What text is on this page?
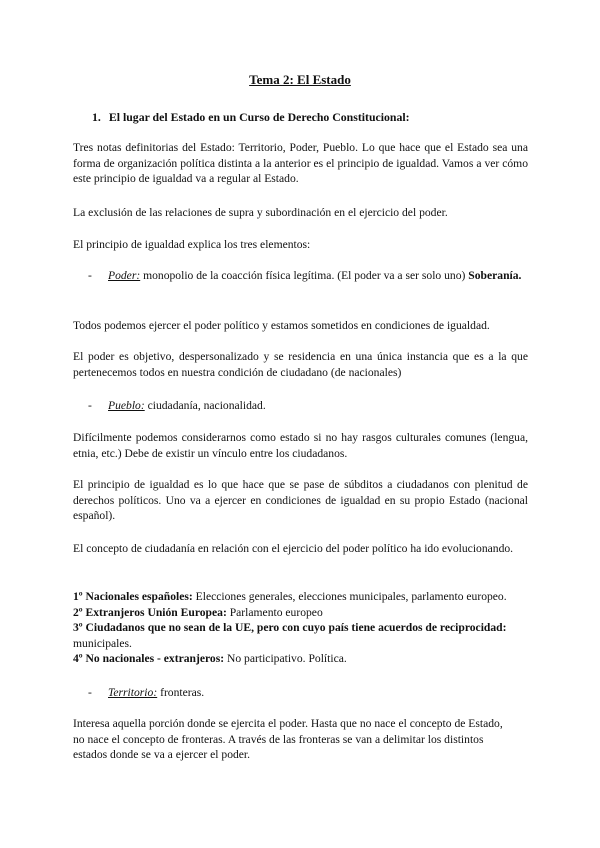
Tema 2: El Estado
1. El lugar del Estado en un Curso de Derecho Constitucional:
Tres notas definitorias del Estado: Territorio, Poder, Pueblo. Lo que hace que el Estado sea una forma de organización política distinta a la anterior es el principio de igualdad. Vamos a ver cómo este principio de igualdad va a regular al Estado.
La exclusión de las relaciones de supra y subordinación en el ejercicio del poder.
El principio de igualdad explica los tres elementos:
-	Poder: monopolio de la coacción física legítima. (El poder va a ser solo uno) Soberanía.
Todos podemos ejercer el poder político y estamos sometidos en condiciones de igualdad.
El poder es objetivo, despersonalizado y se residencia en una única instancia que es a la que pertenecemos todos en nuestra condición de ciudadano (de nacionales)
-	Pueblo: ciudadanía, nacionalidad.
Difícilmente podemos considerarnos como estado si no hay rasgos culturales comunes (lengua, etnia, etc.) Debe de existir un vínculo entre los ciudadanos.
El principio de igualdad es lo que hace que se pase de súbditos a ciudadanos con plenitud de derechos políticos. Uno va a ejercer en condiciones de igualdad en su propio Estado (nacional español).
El concepto de ciudadanía en relación con el ejercicio del poder político ha ido evolucionando.
1º Nacionales españoles: Elecciones generales, elecciones municipales, parlamento europeo.
2º Extranjeros Unión Europea: Parlamento europeo
3º Ciudadanos que no sean de la UE, pero con cuyo país tiene acuerdos de reciprocidad:
municipales.
4º No nacionales - extranjeros: No participativo. Política.
-	Territorio: fronteras.
Interesa aquella porción donde se ejercita el poder. Hasta que no nace el concepto de Estado,
no nace el concepto de fronteras. A través de las fronteras se van a delimitar los distintos
estados donde se va a ejercer el poder.
